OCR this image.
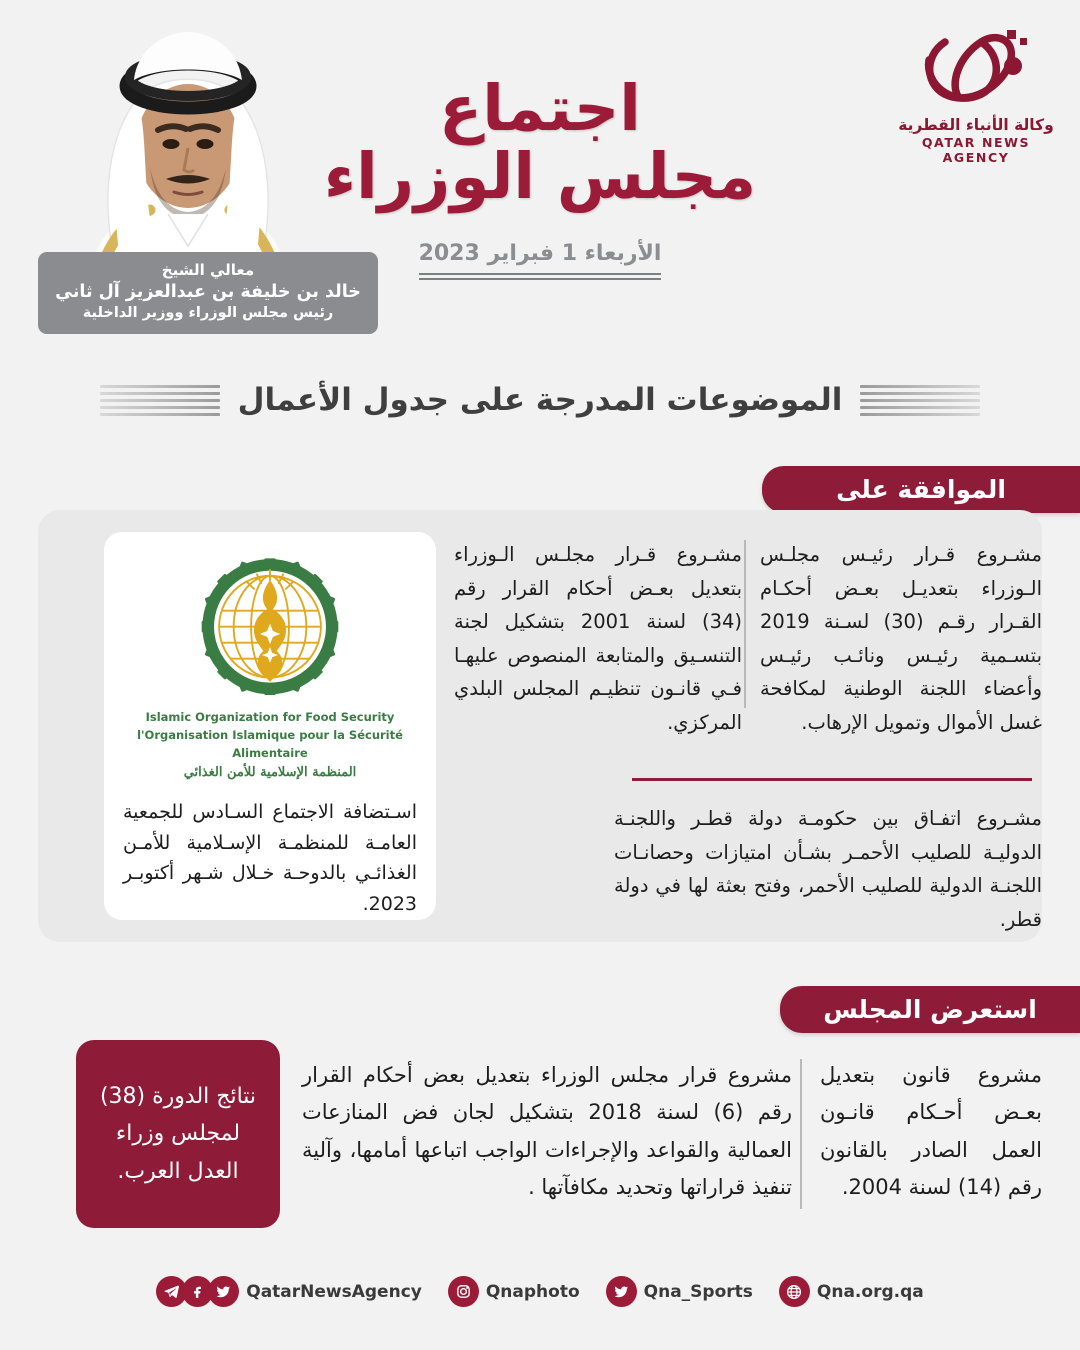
معالي الشيخ
خالد بن خليفة بن عبدالعزيز آل ثاني
رئيس مجلس الوزراء ووزير الداخلية
اجتماع
مجلس الوزراء
الأربعاء 1 فبراير 2023
وكالة الأنباء القطرية
QATAR NEWS AGENCY
الموضوعات المدرجة على جدول الأعمال
الموافقة على
Islamic Organization for Food Security
l'Organisation Islamique pour la Sécurité Alimentaire
المنظمة الإسلامية للأمن الغذائي
اسـتضافة الاجتماع السـادس للجمعية العامـة للمنظمـة الإسـلامية للأمـن الغذائـي بالدوحـة خـلال شـهر أكتوبـر 2023.
مشـروع قـرار مجلـس الـوزراء بتعديل بعـض أحكام القرار رقم (34) لسنة 2001 بتشكيل لجنة التنسـيق والمتابعة المنصوص عليهـا فـي قانـون تنظيـم المجلس البلدي المركزي.
مشـروع قـرار رئيـس مجلـس الـوزراء بتعديـل بعـض أحكـام القـرار رقـم (30) لسـنة 2019 بتسـمية رئيـس ونائـب رئيـس وأعضاء اللجنة الوطنية لمكافحة غسل الأموال وتمويل الإرهاب.
مشـروع اتفـاق بين حكومـة دولة قطـر واللجنـة الدوليـة للصليب الأحمـر بشـأن امتيازات وحصانـات اللجنـة الدولية للصليب الأحمر، وفتح بعثة لها في دولة قطر.
استعرض المجلس
نتائج الدورة (38) لمجلس وزراء العدل العرب.
مشروع قرار مجلس الوزراء بتعديل بعض أحكام القرار رقم (6) لسنة 2018 بتشكيل لجان فض المنازعات العمالية والقواعد والإجراءات الواجب اتباعها أمامها، وآلية تنفيذ قراراتها وتحديد مكافآتها .
مشروع قانون بتعديل بعـض أحـكام قانـون العمل الصادر بالقانون رقم (14) لسنة 2004.
QatarNewsAgency	Qnaphoto	Qna_Sports	Qna.org.qa
